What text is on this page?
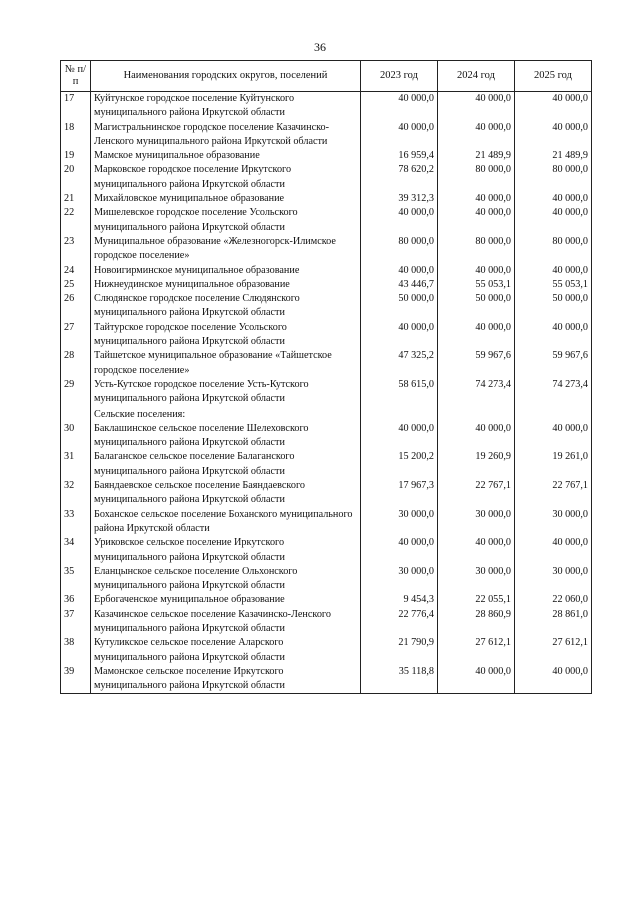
36
№ п/п	Наименования городских округов, поселений	2023 год	2024 год	2025 год
17	Куйтунское городское поселение Куйтунского муниципального района Иркутской области	40 000,0	40 000,0	40 000,0
18	Магистральнинское городское поселение Казачинско-Ленского муниципального района Иркутской области	40 000,0	40 000,0	40 000,0
19	Мамское муниципальное образование	16 959,4	21 489,9	21 489,9
20	Марковское городское поселение Иркутского муниципального района Иркутской области	78 620,2	80 000,0	80 000,0
21	Михайловское муниципальное образование	39 312,3	40 000,0	40 000,0
22	Мишелевское городское поселение Усольского муниципального района Иркутской области	40 000,0	40 000,0	40 000,0
23	Муниципальное образование «Железногорск-Илимское городское поселение»	80 000,0	80 000,0	80 000,0
24	Новоигирминское муниципальное образование	40 000,0	40 000,0	40 000,0
25	Нижнеудинское муниципальное образование	43 446,7	55 053,1	55 053,1
26	Слюдянское городское поселение Слюдянского муниципального района Иркутской области	50 000,0	50 000,0	50 000,0
27	Тайтурское городское поселение Усольского муниципального района Иркутской области	40 000,0	40 000,0	40 000,0
28	Тайшетское муниципальное образование «Тайшетское городское поселение»	47 325,2	59 967,6	59 967,6
29	Усть-Кутское городское поселение Усть-Кутского муниципального района Иркутской области	58 615,0	74 273,4	74 273,4
	Сельские поселения:			
30	Баклашинское сельское поселение Шелеховского муниципального района Иркутской области	40 000,0	40 000,0	40 000,0
31	Балаганское сельское поселение Балаганского муниципального района Иркутской области	15 200,2	19 260,9	19 261,0
32	Баяндаевское сельское поселение Баяндаевского муниципального района Иркутской области	17 967,3	22 767,1	22 767,1
33	Боханское сельское поселение Боханского муниципального района Иркутской области	30 000,0	30 000,0	30 000,0
34	Уриковское сельское поселение Иркутского муниципального района Иркутской области	40 000,0	40 000,0	40 000,0
35	Еланцынское сельское поселение Ольхонского муниципального района Иркутской области	30 000,0	30 000,0	30 000,0
36	Ербогаченское муниципальное образование	9 454,3	22 055,1	22 060,0
37	Казачинское сельское поселение Казачинско-Ленского муниципального района Иркутской области	22 776,4	28 860,9	28 861,0
38	Кутуликское сельское поселение Аларского муниципального района Иркутской области	21 790,9	27 612,1	27 612,1
39	Мамонское сельское поселение Иркутского муниципального района Иркутской области	35 118,8	40 000,0	40 000,0
